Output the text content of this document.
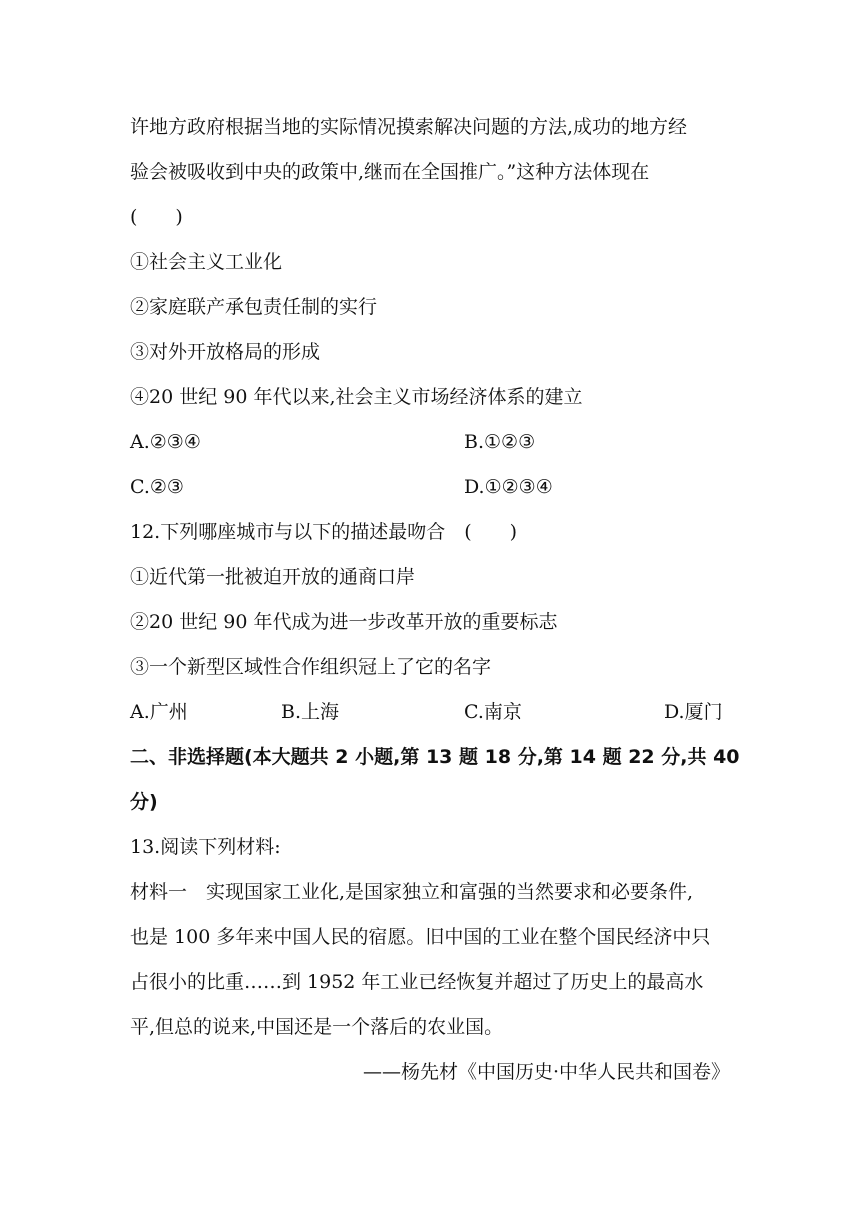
许地方政府根据当地的实际情况摸索解决问题的方法,成功的地方经
验会被吸收到中央的政策中,继而在全国推广。”这种方法体现在
(　　)
①社会主义工业化
②家庭联产承包责任制的实行
③对外开放格局的形成
④20 世纪 90 年代以来,社会主义市场经济体系的建立
A.②③④	B.①②③
C.②③	D.①②③④
12.下列哪座城市与以下的描述最吻合　(　　)
①近代第一批被迫开放的通商口岸
②20 世纪 90 年代成为进一步改革开放的重要标志
③一个新型区域性合作组织冠上了它的名字
A.广州	B.上海	C.南京	D.厦门
二、非选择题(本大题共 2 小题,第 13 题 18 分,第 14 题 22 分,共 40
分)
13.阅读下列材料:
材料一　实现国家工业化,是国家独立和富强的当然要求和必要条件,
也是 100 多年来中国人民的宿愿。旧中国的工业在整个国民经济中只
占很小的比重……到 1952 年工业已经恢复并超过了历史上的最高水
平,但总的说来,中国还是一个落后的农业国。
——杨先材《中国历史·中华人民共和国卷》
